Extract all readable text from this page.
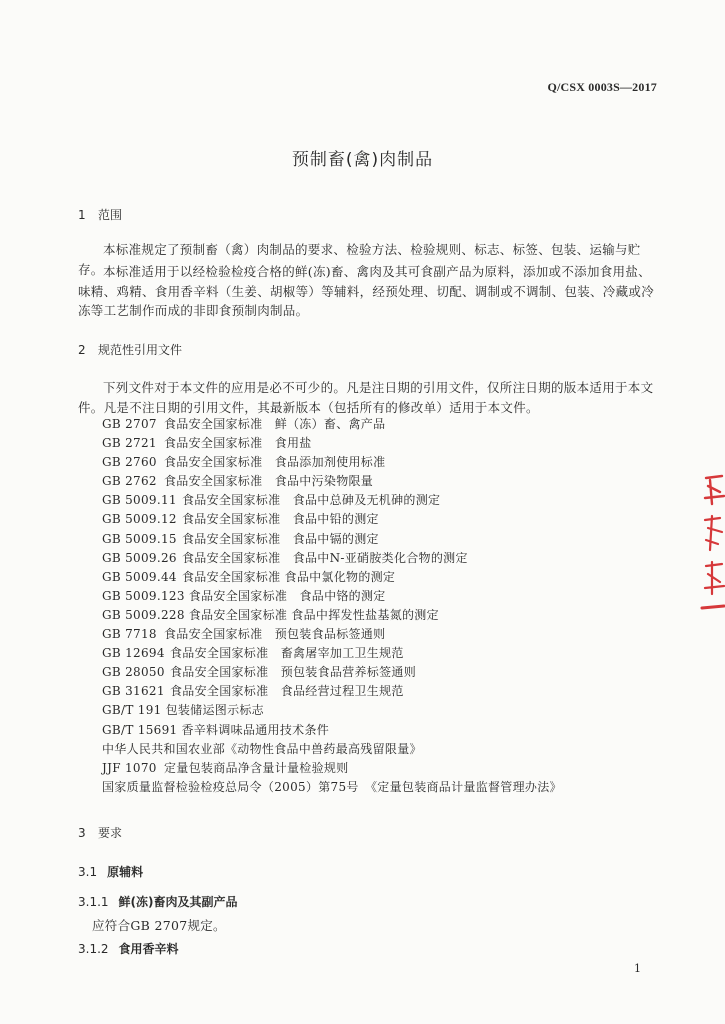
Q/CSX 0003S—2017
预制畜(禽)肉制品
1 范围

本标准规定了预制畜（禽）肉制品的要求、检验方法、检验规则、标志、标签、包装、运输与贮存。 本标准适用于以经检验检疫合格的鲜(冻)畜、禽肉及其可食副产品为原料，添加或不添加食用盐、味精、鸡精、食用香辛料（生姜、胡椒等）等辅料，经预处理、切配、调制或不调制、包装、冷藏或冷冻等工艺制作而成的非即食预制肉制品。

2 规范性引用文件

下列文件对于本文件的应用是必不可少的。凡是注日期的引用文件，仅所注日期的版本适用于本文件。凡是不注日期的引用文件，其最新版本（包括所有的修改单）适用于本文件。

GB 2707 食品安全国家标准　鲜（冻）畜、禽产品
GB 2721 食品安全国家标准　食用盐
GB 2760 食品安全国家标准　食品添加剂使用标准
GB 2762 食品安全国家标准　食品中污染物限量
GB 5009.11 食品安全国家标准　食品中总砷及无机砷的测定
GB 5009.12 食品安全国家标准　食品中铅的测定
GB 5009.15 食品安全国家标准　食品中镉的测定
GB 5009.26 食品安全国家标准　食品中N-亚硝胺类化合物的测定
GB 5009.44 食品安全国家标准 食品中氯化物的测定
GB 5009.123 食品安全国家标准　食品中铬的测定
GB 5009.228 食品安全国家标准 食品中挥发性盐基氮的测定
GB 7718 食品安全国家标准　预包装食品标签通则
GB 12694 食品安全国家标准　畜禽屠宰加工卫生规范
GB 28050 食品安全国家标准　预包装食品营养标签通则
GB 31621 食品安全国家标准　食品经营过程卫生规范
GB/T 191 包装储运图示标志
GB/T 15691 香辛料调味品通用技术条件
中华人民共和国农业部《动物性食品中兽药最高残留限量》
JJF 1070 定量包装商品净含量计量检验规则
国家质量监督检验检疫总局令（2005）第75号　《定量包装商品计量监督管理办法》
3 要求
3.1 原辅料
3.1.1 鲜(冻)畜肉及其副产品
应符合GB 2707规定。
3.1.2 食用香辛料
1
